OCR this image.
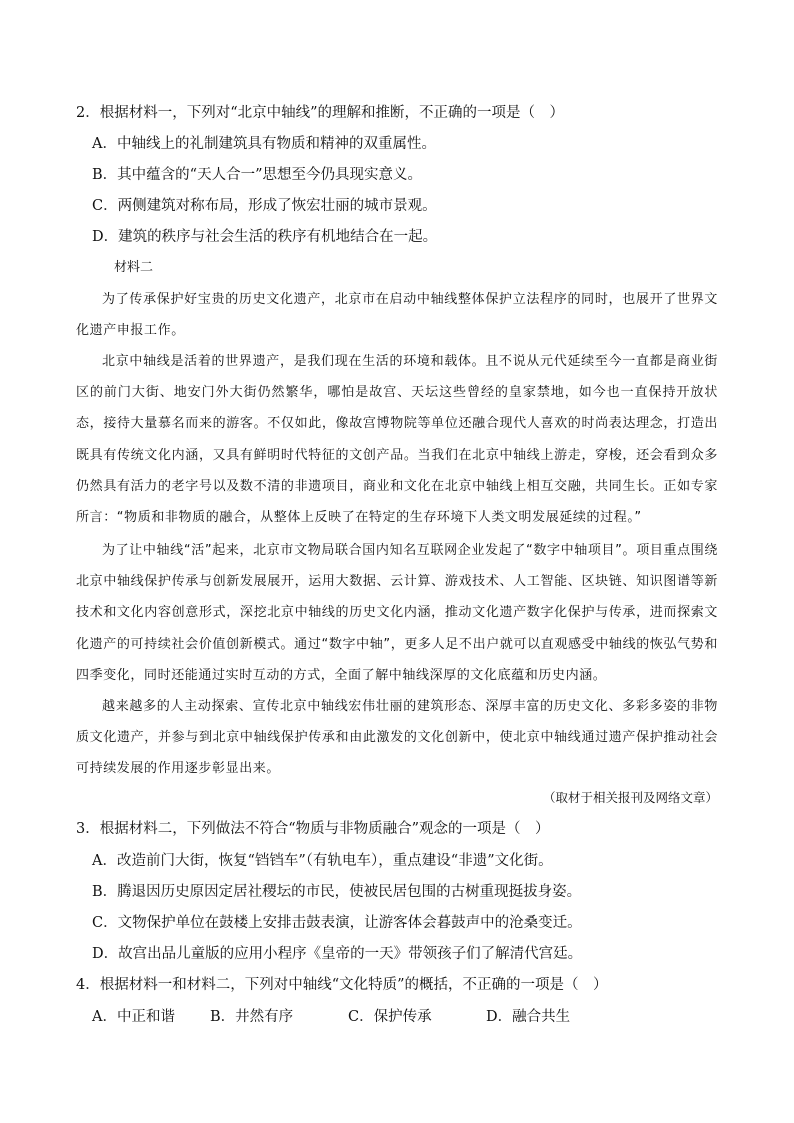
2．根据材料一，下列对“北京中轴线”的理解和推断，不正确的一项是（　）
A．中轴线上的礼制建筑具有物质和精神的双重属性。
B．其中蕴含的“天人合一”思想至今仍具现实意义。
C．两侧建筑对称布局，形成了恢宏壮丽的城市景观。
D．建筑的秩序与社会生活的秩序有机地结合在一起。
材料二
为了传承保护好宝贵的历史文化遗产，北京市在启动中轴线整体保护立法程序的同时，也展开了世界文化遗产申报工作。
北京中轴线是活着的世界遗产，是我们现在生活的环境和载体。且不说从元代延续至今一直都是商业街区的前门大街、地安门外大街仍然繁华，哪怕是故宫、天坛这些曾经的皇家禁地，如今也一直保持开放状态，接待大量慕名而来的游客。不仅如此，像故宫博物院等单位还融合现代人喜欢的时尚表达理念，打造出既具有传统文化内涵，又具有鲜明时代特征的文创产品。当我们在北京中轴线上游走，穿梭，还会看到众多仍然具有活力的老字号以及数不清的非遗项目，商业和文化在北京中轴线上相互交融，共同生长。正如专家所言：“物质和非物质的融合，从整体上反映了在特定的生存环境下人类文明发展延续的过程。”
为了让中轴线“活”起来，北京市文物局联合国内知名互联网企业发起了“数字中轴项目”。项目重点围绕北京中轴线保护传承与创新发展展开，运用大数据、云计算、游戏技术、人工智能、区块链、知识图谱等新技术和文化内容创意形式，深挖北京中轴线的历史文化内涵，推动文化遗产数字化保护与传承，进而探索文化遗产的可持续社会价值创新模式。通过“数字中轴”，更多人足不出户就可以直观感受中轴线的恢弘气势和四季变化，同时还能通过实时互动的方式，全面了解中轴线深厚的文化底蕴和历史内涵。
越来越多的人主动探索、宣传北京中轴线宏伟壮丽的建筑形态、深厚丰富的历史文化、多彩多姿的非物质文化遗产，并参与到北京中轴线保护传承和由此激发的文化创新中，使北京中轴线通过遗产保护推动社会可持续发展的作用逐步彰显出来。
（取材于相关报刊及网络文章）
3．根据材料二，下列做法不符合“物质与非物质融合”观念的一项是（　）
A．改造前门大街，恢复“铛铛车”（有轨电车），重点建设“非遗”文化街。
B．腾退因历史原因定居社稷坛的市民，使被民居包围的古树重现挺拔身姿。
C．文物保护单位在鼓楼上安排击鼓表演，让游客体会暮鼓声中的沧桑变迁。
D．故宫出品儿童版的应用小程序《皇帝的一天》带领孩子们了解清代宫廷。
4．根据材料一和材料二，下列对中轴线“文化特质”的概括，不正确的一项是（　）
A．中正和谐 B．井然有序	C．保护传承	D．融合共生
